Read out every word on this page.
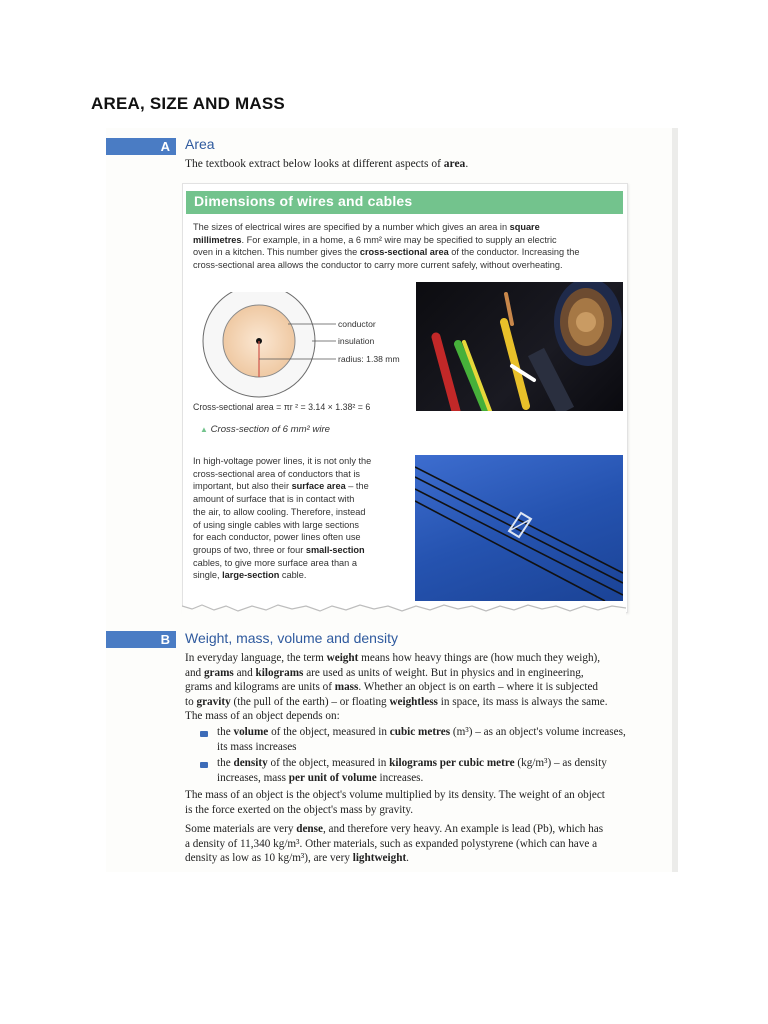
AREA, SIZE AND MASS
A	Area
The textbook extract below looks at different aspects of area.
Dimensions of wires and cables
The sizes of electrical wires are specified by a number which gives an area in square
millimetres. For example, in a home, a 6 mm² wire may be specified to supply an electric
oven in a kitchen. This number gives the cross-sectional area of the conductor. Increasing the
cross-sectional area allows the conductor to carry more current safely, without overheating.
conductor
insulation
radius: 1.38 mm
Cross-sectional area = πr ² = 3.14 × 1.38² = 6
▲ Cross-section of 6 mm² wire
In high-voltage power lines, it is not only the
cross-sectional area of conductors that is
important, but also their surface area – the
amount of surface that is in contact with
the air, to allow cooling. Therefore, instead
of using single cables with large sections
for each conductor, power lines often use
groups of two, three or four small-section
cables, to give more surface area than a
single, large-section cable.
B	Weight, mass, volume and density
In everyday language, the term weight means how heavy things are (how much they weigh),
and grams and kilograms are used as units of weight. But in physics and in engineering,
grams and kilograms are units of mass. Whether an object is on earth – where it is subjected
to gravity (the pull of the earth) – or floating weightless in space, its mass is always the same.
The mass of an object depends on:
the volume of the object, measured in cubic metres (m³) – as an object's volume increases,
its mass increases
the density of the object, measured in kilograms per cubic metre (kg/m³) – as density
increases, mass per unit of volume increases.
The mass of an object is the object's volume multiplied by its density. The weight of an object
is the force exerted on the object's mass by gravity.
Some materials are very dense, and therefore very heavy. An example is lead (Pb), which has
a density of 11,340 kg/m³. Other materials, such as expanded polystyrene (which can have a
density as low as 10 kg/m³), are very lightweight.
